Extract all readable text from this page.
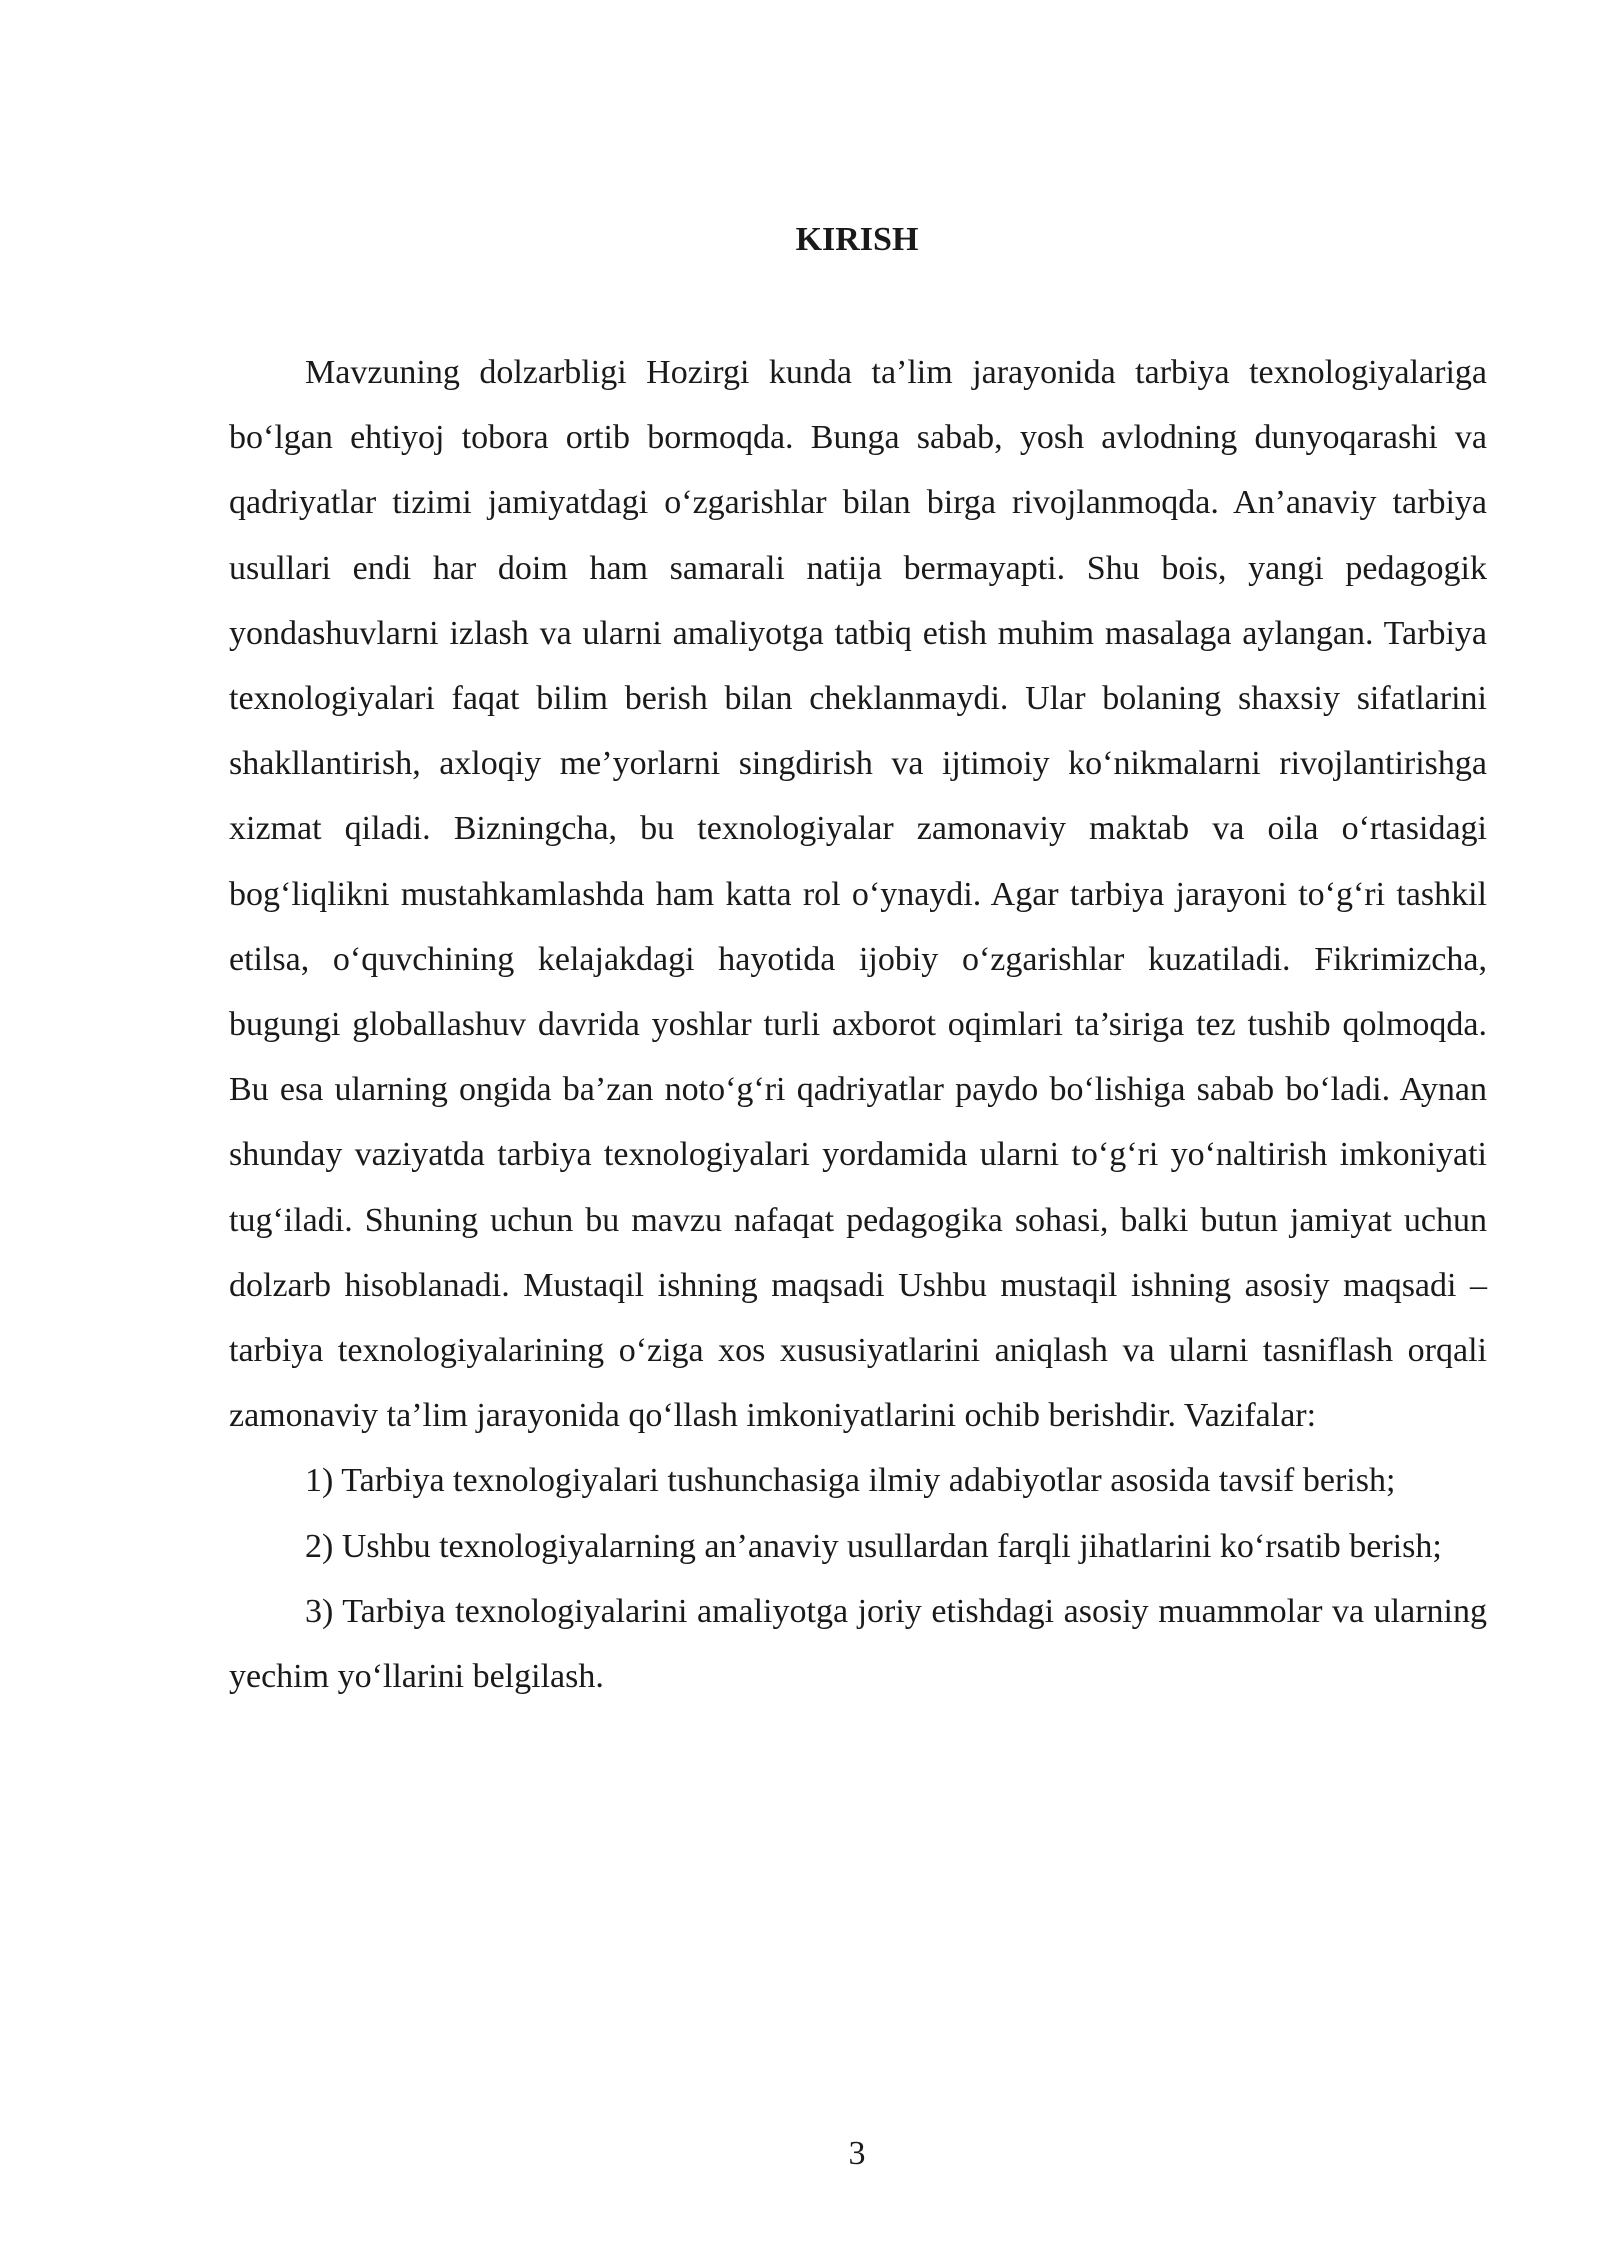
KIRISH

Mavzuning dolzarbligi Hozirgi kunda ta’lim jarayonida tarbiya texnologiyalariga bo‘lgan ehtiyoj tobora ortib bormoqda. Bunga sabab, yosh avlodning dunyoqarashi va qadriyatlar tizimi jamiyatdagi o‘zgarishlar bilan birga rivojlanmoqda. An’anaviy tarbiya usullari endi har doim ham samarali natija bermayapti. Shu bois, yangi pedagogik yondashuvlarni izlash va ularni amaliyotga tatbiq etish muhim masalaga aylangan. Tarbiya texnologiyalari faqat bilim berish bilan cheklanmaydi. Ular bolaning shaxsiy sifatlarini shakllantirish, axloqiy me’yorlarni singdirish va ijtimoiy ko‘nikmalarni rivojlantirishga xizmat qiladi. Bizningcha, bu texnologiyalar zamonaviy maktab va oila o‘rtasidagi bog‘liqlikni mustahkamlashda ham katta rol o‘ynaydi. Agar tarbiya jarayoni to‘g‘ri tashkil etilsa, o‘quvchining kelajakdagi hayotida ijobiy o‘zgarishlar kuzatiladi. Fikrimizcha, bugungi globallashuv davrida yoshlar turli axborot oqimlari ta’siriga tez tushib qolmoqda. Bu esa ularning ongida ba’zan noto‘g‘ri qadriyatlar paydo bo‘lishiga sabab bo‘ladi. Aynan shunday vaziyatda tarbiya texnologiyalari yordamida ularni to‘g‘ri yo‘naltirish imkoniyati tug‘iladi. Shuning uchun bu mavzu nafaqat pedagogika sohasi, balki butun jamiyat uchun dolzarb hisoblanadi. Mustaqil ishning maqsadi Ushbu mustaqil ishning asosiy maqsadi – tarbiya texnologiyalarining o‘ziga xos xususiyatlarini aniqlash va ularni tasniflash orqali zamonaviy ta’lim jarayonida qo‘llash imkoniyatlarini ochib berishdir. Vazifalar:

1) Tarbiya texnologiyalari tushunchasiga ilmiy adabiyotlar asosida tavsif berish;

2) Ushbu texnologiyalarning an’anaviy usullardan farqli jihatlarini ko‘rsatib berish;

3) Tarbiya texnologiyalarini amaliyotga joriy etishdagi asosiy muammolar va ularning yechim yo‘llarini belgilash.

3
